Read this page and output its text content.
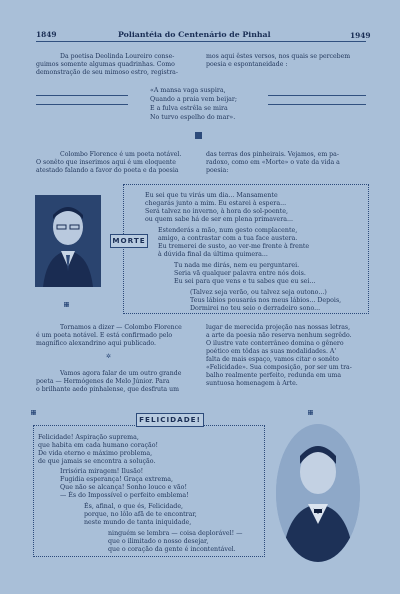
1849	Poliantéia do Centenário de Pinhal	1949
Da poetisa Deolinda Loureiro conse-
guimos somente algumas quadrinhas. Como
demonstração de seu mimoso estro, registra-
mos aqui êstes versos, nos quais se percebem
poesia e espontaneidade :
«A mansa vaga suspira,
Quando a praia vem beijar;
E a fulva estrêla se mira
No turvo espelho do mar».
Colombo Florence é um poeta notável.
O sonêto que inserimos aqui é um eloquente
atestado falando a favor do poeta e da poesia
das terras dos pinheirais. Vejamos, em pa-
radoxo, como em «Morte» o vate da vida a
poesia:
MORTE
Eu sei que tu virás um dia... Mansamente
chegarás junto a mim. Eu estarei à espera...
Será talvez no inverno, à hora do sol-poente,
ou quem sabe há de ser em plena primavera...
Estenderás a mão, num gesto complacente,
amigo, a contrastar com a tua face austera.
Eu tremerei de susto, ao ver-me frente à frente
à dúvida final da última quimera...
Tu nada me dirás, nem eu perguntarei.
Seria vã qualquer palavra entre nós dois.
Eu sei para que vens e tu sabes que eu sei...
(Talvez seja verão, ou talvez seja outono...)
Teus lábios pousarás nos meus lábios... Depois,
Dormirei no teu seio o derradeiro sono...
Tornamos a dizer — Colombo Florence
é um poeta notável. E está confirmado pelo
magnífico alexandrino aqui publicado.
✲
Vamos agora falar de um outro grande
poeta — Hermógenes de Melo Júnior. Para
o brilhante aedo pinhalense, que desfruta um
lugar de merecida projeção nas nossas letras,
a arte da poesia não reserva nenhum segrêdo.
O ilustre vate conterrâneo domina o gênero
poético em tôdas as suas modalidades. A'
falta de mais espaço, vamos citar o sonêto
«Felicidade». Sua composição, por ser um tra-
balho realmente perfeito, redunda em uma
suntuosa homenagem à Arte.
FELICIDADE!
Felicidade! Aspiração suprema,
que habita em cada humano coração!
De vida eterno e máximo problema,
de que jamais se encontra a solução.
Irrisória miragem! Ilusão!
Fugidia esperança! Graça extrema,
Que não se alcança! Sonho louco e vão!
— És do Impossível o perfeito emblema!
És, afinal, o que és, Felicidade,
porque, no lôlo afã de te encontrar,
neste mundo de tanta iniquidade,
ninguém se lembra — coisa deplorável! —
que o ilimitado o nosso desejar,
que o coração da gente é incontentável.
